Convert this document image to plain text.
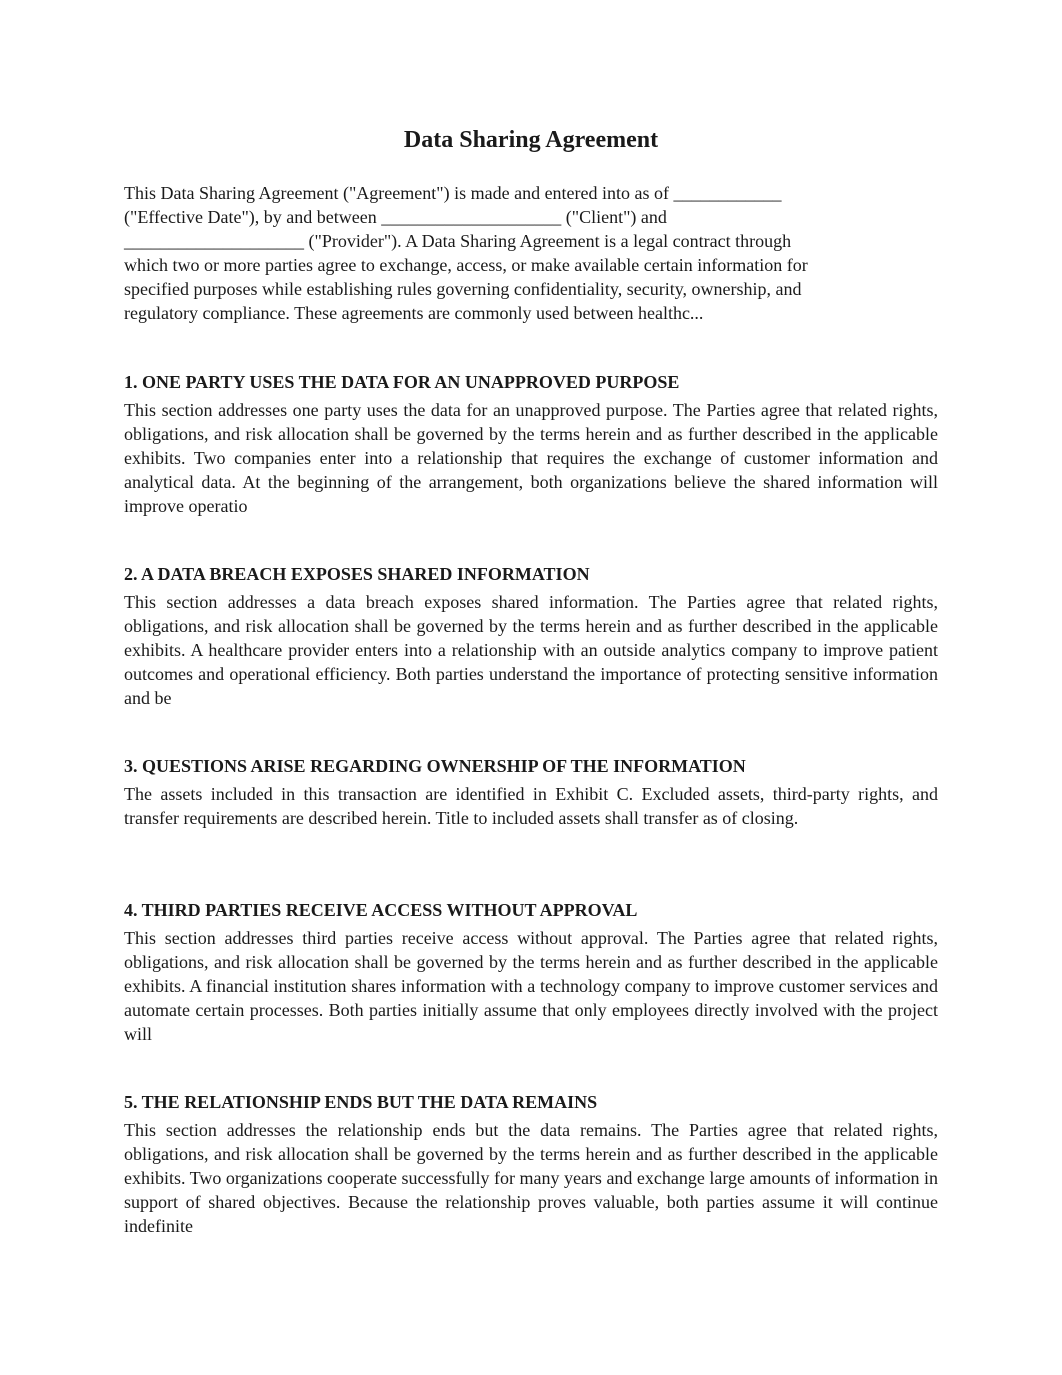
Data Sharing Agreement
This Data Sharing Agreement ("Agreement") is made and entered into as of ____________
("Effective Date"), by and between ____________________ ("Client") and
____________________ ("Provider"). A Data Sharing Agreement is a legal contract through
which two or more parties agree to exchange, access, or make available certain information for
specified purposes while establishing rules governing confidentiality, security, ownership, and
regulatory compliance. These agreements are commonly used between healthc...
1. ONE PARTY USES THE DATA FOR AN UNAPPROVED PURPOSE

This section addresses one party uses the data for an unapproved purpose. The Parties agree that related rights, obligations, and risk allocation shall be governed by the terms herein and as further described in the applicable exhibits. Two companies enter into a relationship that requires the exchange of customer information and analytical data. At the beginning of the arrangement, both organizations believe the shared information will improve operatio

2. A DATA BREACH EXPOSES SHARED INFORMATION

This section addresses a data breach exposes shared information. The Parties agree that related rights, obligations, and risk allocation shall be governed by the terms herein and as further described in the applicable exhibits. A healthcare provider enters into a relationship with an outside analytics company to improve patient outcomes and operational efficiency. Both parties understand the importance of protecting sensitive information and be

3. QUESTIONS ARISE REGARDING OWNERSHIP OF THE INFORMATION

The assets included in this transaction are identified in Exhibit C. Excluded assets, third-party rights, and transfer requirements are described herein. Title to included assets shall transfer as of closing.

4. THIRD PARTIES RECEIVE ACCESS WITHOUT APPROVAL

This section addresses third parties receive access without approval. The Parties agree that related rights, obligations, and risk allocation shall be governed by the terms herein and as further described in the applicable exhibits. A financial institution shares information with a technology company to improve customer services and automate certain processes. Both parties initially assume that only employees directly involved with the project will

5. THE RELATIONSHIP ENDS BUT THE DATA REMAINS

This section addresses the relationship ends but the data remains. The Parties agree that related rights, obligations, and risk allocation shall be governed by the terms herein and as further described in the applicable exhibits. Two organizations cooperate successfully for many years and exchange large amounts of information in support of shared objectives. Because the relationship proves valuable, both parties assume it will continue indefinite
